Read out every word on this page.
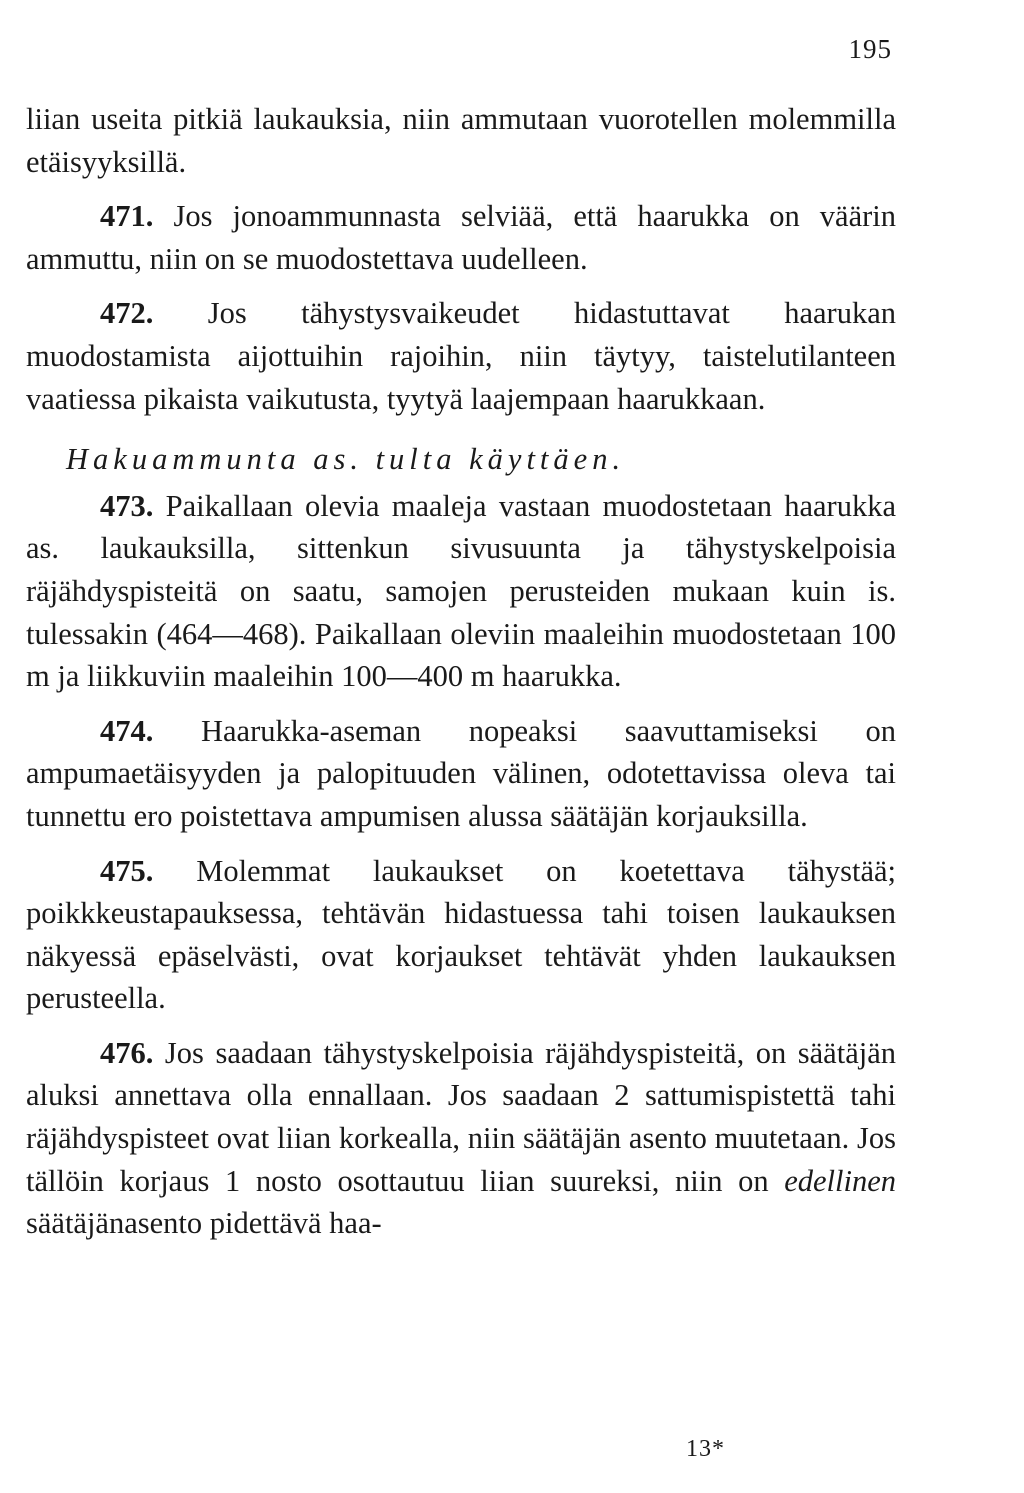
195

liian useita pitkiä laukauksia, niin ammutaan vuorotellen molemmilla etäisyyksillä.

471. Jos jonoammunnasta selviää, että haarukka on väärin ammuttu, niin on se muodostettava uudelleen.

472. Jos tähystysvaikeudet hidastuttavat haarukan muodostamista aijottuihin rajoihin, niin täytyy, taistelutilanteen vaatiessa pikaista vaikutusta, tyytyä laajempaan haarukkaan.

Hakuammunta as. tulta käyttäen.

473. Paikallaan olevia maaleja vastaan muodostetaan haarukka as. laukauksilla, sittenkun sivusuunta ja tähystyskelpoisia räjähdyspisteitä on saatu, samojen perusteiden mukaan kuin is. tulessakin (464—468). Paikallaan oleviin maaleihin muodostetaan 100 m ja liikkuviin maaleihin 100—400 m haarukka.

474. Haarukka-aseman nopeaksi saavuttamiseksi on ampumaetäisyyden ja palopituuden välinen, odotettavissa oleva tai tunnettu ero poistettava ampumisen alussa säätäjän korjauksilla.

475. Molemmat laukaukset on koetettava tähystää; poikkkeustapauksessa, tehtävän hidastuessa tahi toisen laukauksen näkyessä epäselvästi, ovat korjaukset tehtävät yhden laukauksen perusteella.

476. Jos saadaan tähystyskelpoisia räjähdyspisteitä, on säätäjän aluksi annettava olla ennallaan. Jos saadaan 2 sattumispistettä tahi räjähdyspisteet ovat liian korkealla, niin säätäjän asento muutetaan. Jos tällöin korjaus 1 nosto osottautuu liian suureksi, niin on edellinen säätäjänasento pidettävä haa-

13*
